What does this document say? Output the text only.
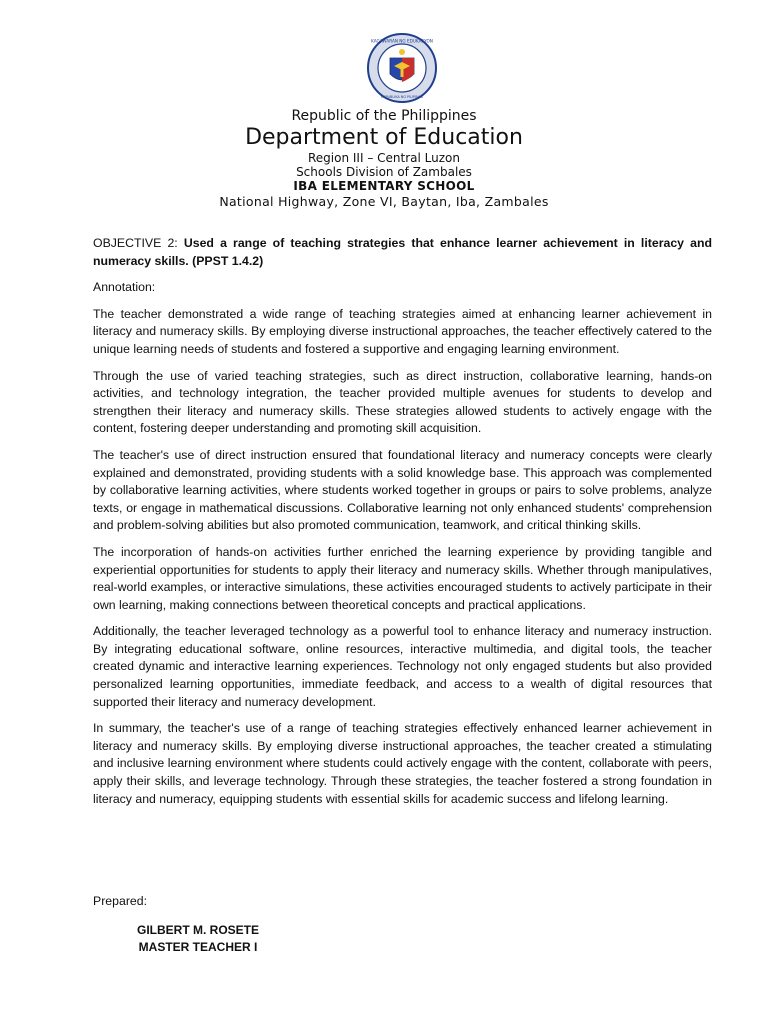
KAGAWARAN NG EDUKASYON
REPUBLIKA NG PILIPINAS
Republic of the Philippines
Department of Education
Region III – Central Luzon
Schools Division of Zambales
IBA ELEMENTARY SCHOOL
National Highway, Zone VI, Baytan, Iba, Zambales

OBJECTIVE 2: Used a range of teaching strategies that enhance learner achievement in literacy and numeracy skills. (PPST 1.4.2)

Annotation:

The teacher demonstrated a wide range of teaching strategies aimed at enhancing learner achievement in literacy and numeracy skills. By employing diverse instructional approaches, the teacher effectively catered to the unique learning needs of students and fostered a supportive and engaging learning environment.

Through the use of varied teaching strategies, such as direct instruction, collaborative learning, hands-on activities, and technology integration, the teacher provided multiple avenues for students to develop and strengthen their literacy and numeracy skills. These strategies allowed students to actively engage with the content, fostering deeper understanding and promoting skill acquisition.

The teacher's use of direct instruction ensured that foundational literacy and numeracy concepts were clearly explained and demonstrated, providing students with a solid knowledge base. This approach was complemented by collaborative learning activities, where students worked together in groups or pairs to solve problems, analyze texts, or engage in mathematical discussions. Collaborative learning not only enhanced students' comprehension and problem-solving abilities but also promoted communication, teamwork, and critical thinking skills.

The incorporation of hands-on activities further enriched the learning experience by providing tangible and experiential opportunities for students to apply their literacy and numeracy skills. Whether through manipulatives, real-world examples, or interactive simulations, these activities encouraged students to actively participate in their own learning, making connections between theoretical concepts and practical applications.

Additionally, the teacher leveraged technology as a powerful tool to enhance literacy and numeracy instruction. By integrating educational software, online resources, interactive multimedia, and digital tools, the teacher created dynamic and interactive learning experiences. Technology not only engaged students but also provided personalized learning opportunities, immediate feedback, and access to a wealth of digital resources that supported their literacy and numeracy development.

In summary, the teacher's use of a range of teaching strategies effectively enhanced learner achievement in literacy and numeracy skills. By employing diverse instructional approaches, the teacher created a stimulating and inclusive learning environment where students could actively engage with the content, collaborate with peers, apply their skills, and leverage technology. Through these strategies, the teacher fostered a strong foundation in literacy and numeracy, equipping students with essential skills for academic success and lifelong learning.

Prepared:
GILBERT M. ROSETE
MASTER TEACHER I
